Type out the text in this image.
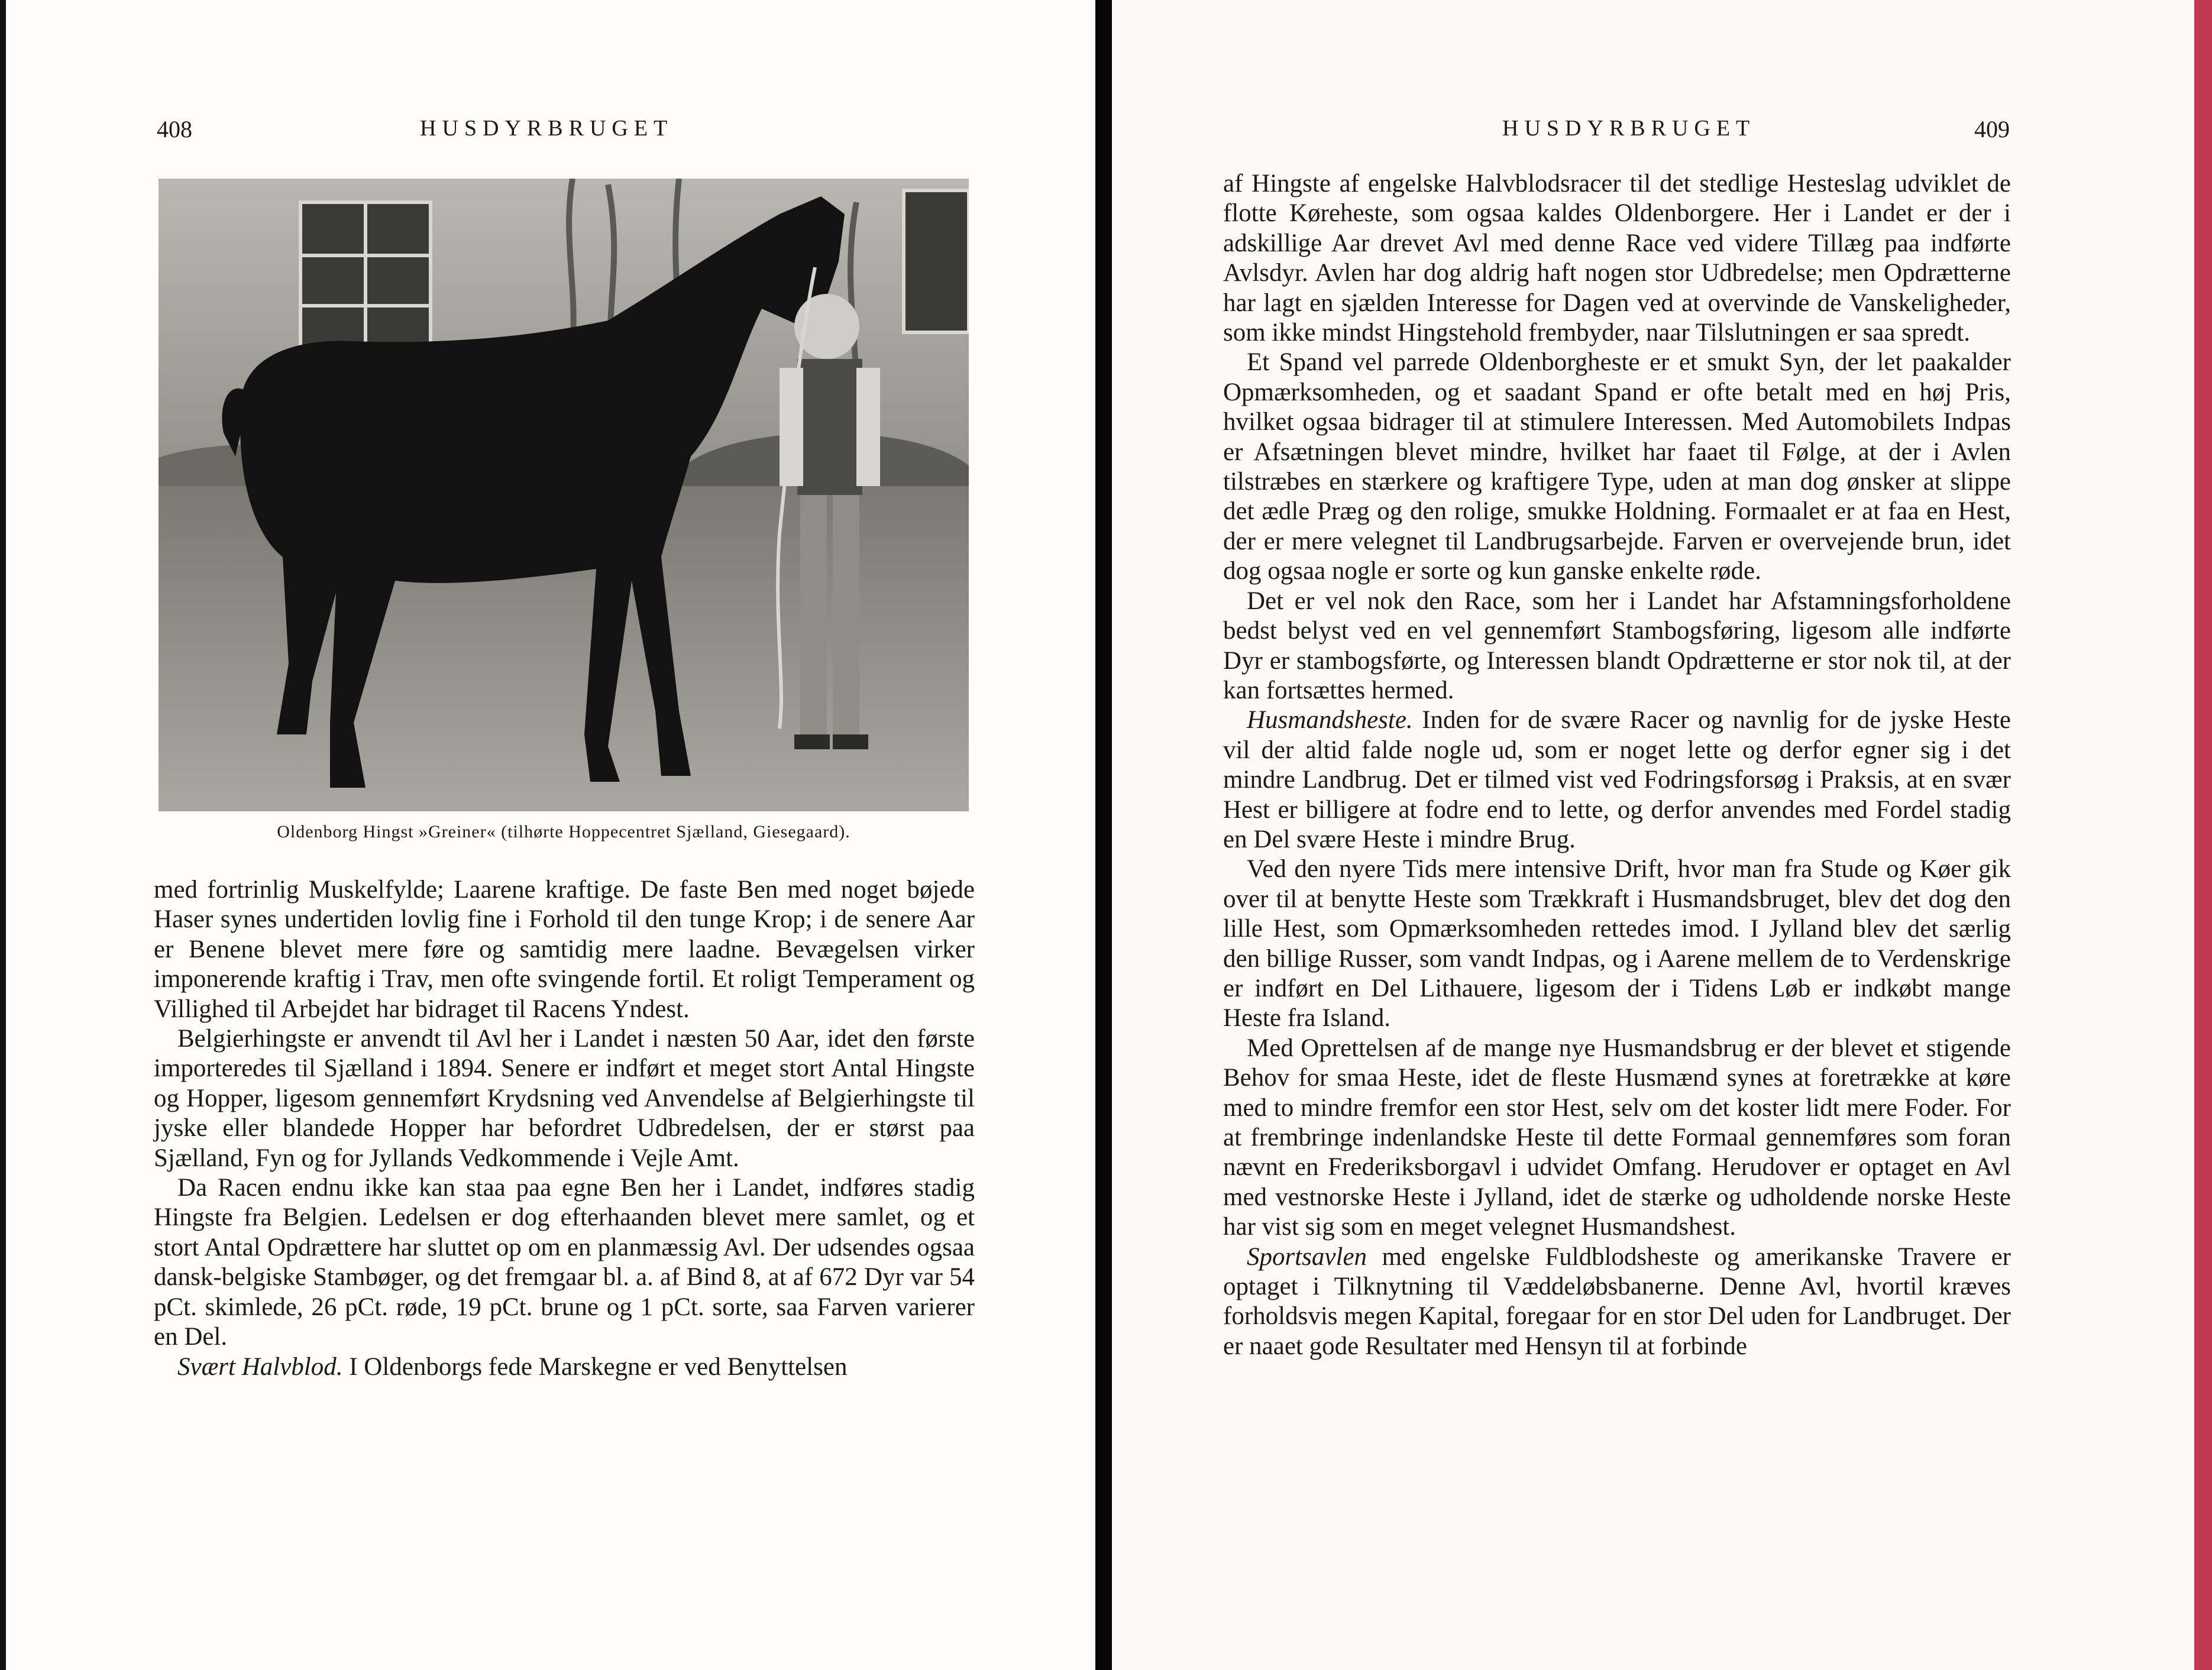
408	HUSDYRBRUGET
Oldenborg Hingst »Greiner« (tilhørte Hoppecentret Sjælland, Giesegaard).

med fortrinlig Muskelfylde; Laarene kraftige. De faste Ben med noget bøjede Haser synes undertiden lovlig fine i Forhold til den tunge Krop; i de senere Aar er Benene blevet mere føre og samtidig mere laadne. Bevægelsen virker imponerende kraftig i Trav, men ofte svingende fortil. Et roligt Temperament og Villighed til Arbejdet har bidraget til Racens Yndest.

Belgierhingste er anvendt til Avl her i Landet i næsten 50 Aar, idet den første importeredes til Sjælland i 1894. Senere er indført et meget stort Antal Hingste og Hopper, ligesom gennemført Krydsning ved Anvendelse af Belgierhingste til jyske eller blandede Hopper har befordret Udbredelsen, der er størst paa Sjælland, Fyn og for Jyllands Vedkommende i Vejle Amt.

Da Racen endnu ikke kan staa paa egne Ben her i Landet, indføres stadig Hingste fra Belgien. Ledelsen er dog efterhaanden blevet mere samlet, og et stort Antal Opdrættere har sluttet op om en planmæssig Avl. Der udsendes ogsaa dansk-belgiske Stambøger, og det fremgaar bl. a. af Bind 8, at af 672 Dyr var 54 pCt. skimlede, 26 pCt. røde, 19 pCt. brune og 1 pCt. sorte, saa Farven varierer en Del.

Svært Halvblod. I Oldenborgs fede Marskegne er ved Benyttelsen

HUSDYRBRUGET	409

af Hingste af engelske Halvblodsracer til det stedlige Hesteslag udviklet de flotte Køreheste, som ogsaa kaldes Oldenborgere. Her i Landet er der i adskillige Aar drevet Avl med denne Race ved videre Tillæg paa indførte Avlsdyr. Avlen har dog aldrig haft nogen stor Udbredelse; men Opdrætterne har lagt en sjælden Interesse for Dagen ved at overvinde de Vanskeligheder, som ikke mindst Hingstehold frembyder, naar Tilslutningen er saa spredt.

Et Spand vel parrede Oldenborgheste er et smukt Syn, der let paakalder Opmærksomheden, og et saadant Spand er ofte betalt med en høj Pris, hvilket ogsaa bidrager til at stimulere Interessen. Med Automobilets Indpas er Afsætningen blevet mindre, hvilket har faaet til Følge, at der i Avlen tilstræbes en stærkere og kraftigere Type, uden at man dog ønsker at slippe det ædle Præg og den rolige, smukke Holdning. Formaalet er at faa en Hest, der er mere velegnet til Landbrugsarbejde. Farven er overvejende brun, idet dog ogsaa nogle er sorte og kun ganske enkelte røde.

Det er vel nok den Race, som her i Landet har Afstamningsforholdene bedst belyst ved en vel gennemført Stambogsføring, ligesom alle indførte Dyr er stambogsførte, og Interessen blandt Opdrætterne er stor nok til, at der kan fortsættes hermed.

Husmandsheste. Inden for de svære Racer og navnlig for de jyske Heste vil der altid falde nogle ud, som er noget lette og derfor egner sig i det mindre Landbrug. Det er tilmed vist ved Fodringsforsøg i Praksis, at en svær Hest er billigere at fodre end to lette, og derfor anvendes med Fordel stadig en Del svære Heste i mindre Brug.

Ved den nyere Tids mere intensive Drift, hvor man fra Stude og Køer gik over til at benytte Heste som Trækkraft i Husmandsbruget, blev det dog den lille Hest, som Opmærksomheden rettedes imod. I Jylland blev det særlig den billige Russer, som vandt Indpas, og i Aarene mellem de to Verdenskrige er indført en Del Lithauere, ligesom der i Tidens Løb er indkøbt mange Heste fra Island.

Med Oprettelsen af de mange nye Husmandsbrug er der blevet et stigende Behov for smaa Heste, idet de fleste Husmænd synes at foretrække at køre med to mindre fremfor een stor Hest, selv om det koster lidt mere Foder. For at frembringe indenlandske Heste til dette Formaal gennemføres som foran nævnt en Frederiksborgavl i udvidet Omfang. Herudover er optaget en Avl med vestnorske Heste i Jylland, idet de stærke og udholdende norske Heste har vist sig som en meget velegnet Husmandshest.

Sportsavlen med engelske Fuldblodsheste og amerikanske Travere er optaget i Tilknytning til Væddeløbsbanerne. Denne Avl, hvortil kræves forholdsvis megen Kapital, foregaar for en stor Del uden for Landbruget. Der er naaet gode Resultater med Hensyn til at forbinde
